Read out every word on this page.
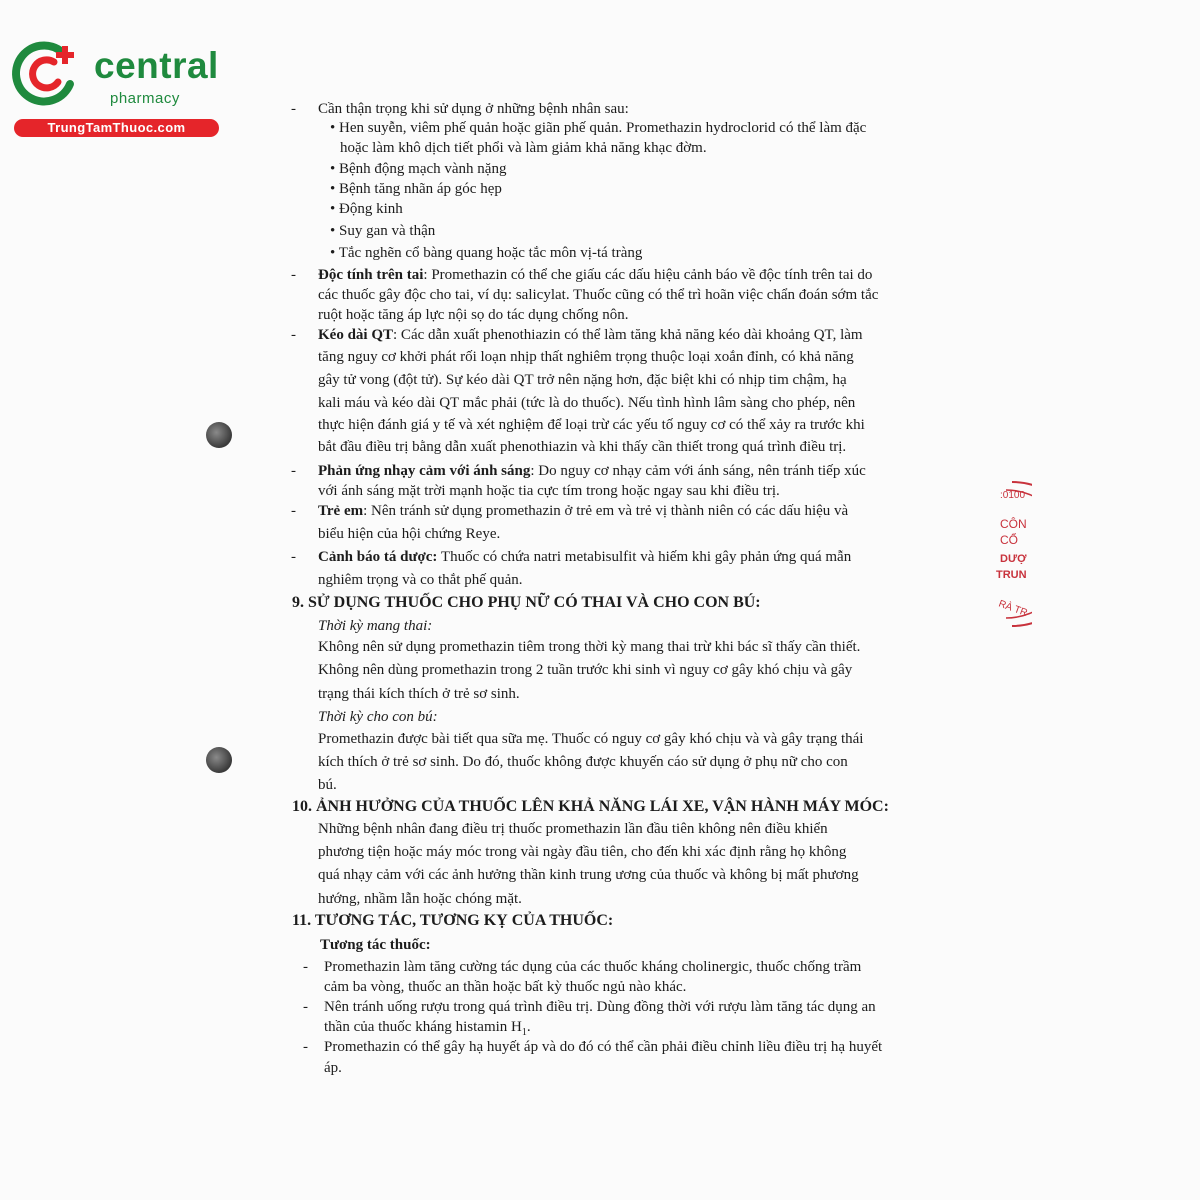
central
pharmacy
TrungTamThuoc.com
:0100
CÔN
CỔ
DƯỢ
TRUN
RÀ TR
- Cần thận trọng khi sử dụng ở những bệnh nhân sau:
• Hen suyễn, viêm phế quản hoặc giãn phế quản. Promethazin hydroclorid có thể làm đặc
hoặc làm khô dịch tiết phổi và làm giảm khả năng khạc đờm.
• Bệnh động mạch vành nặng
• Bệnh tăng nhãn áp góc hẹp
• Động kinh
• Suy gan và thận
• Tắc nghẽn cổ bàng quang hoặc tắc môn vị-tá tràng
- Độc tính trên tai: Promethazin có thể che giấu các dấu hiệu cảnh báo về độc tính trên tai do
các thuốc gây độc cho tai, ví dụ: salicylat. Thuốc cũng có thể trì hoãn việc chẩn đoán sớm tắc
ruột hoặc tăng áp lực nội sọ do tác dụng chống nôn.
- Kéo dài QT: Các dẫn xuất phenothiazin có thể làm tăng khả năng kéo dài khoảng QT, làm
tăng nguy cơ khởi phát rối loạn nhịp thất nghiêm trọng thuộc loại xoắn đỉnh, có khả năng
gây tử vong (đột tử). Sự kéo dài QT trở nên nặng hơn, đặc biệt khi có nhịp tim chậm, hạ
kali máu và kéo dài QT mắc phải (tức là do thuốc). Nếu tình hình lâm sàng cho phép, nên
thực hiện đánh giá y tế và xét nghiệm để loại trừ các yếu tố nguy cơ có thể xảy ra trước khi
bắt đầu điều trị bằng dẫn xuất phenothiazin và khi thấy cần thiết trong quá trình điều trị.
- Phản ứng nhạy cảm với ánh sáng: Do nguy cơ nhạy cảm với ánh sáng, nên tránh tiếp xúc
với ánh sáng mặt trời mạnh hoặc tia cực tím trong hoặc ngay sau khi điều trị.
- Trẻ em: Nên tránh sử dụng promethazin ở trẻ em và trẻ vị thành niên có các dấu hiệu và
biểu hiện của hội chứng Reye.
- Cảnh báo tá dược: Thuốc có chứa natri metabisulfit và hiếm khi gây phản ứng quá mẫn
nghiêm trọng và co thắt phế quản.
9. SỬ DỤNG THUỐC CHO PHỤ NỮ CÓ THAI VÀ CHO CON BÚ:
Thời kỳ mang thai:
Không nên sử dụng promethazin tiêm trong thời kỳ mang thai trừ khi bác sĩ thấy cần thiết.
Không nên dùng promethazin trong 2 tuần trước khi sinh vì nguy cơ gây khó chịu và gây
trạng thái kích thích ở trẻ sơ sinh.
Thời kỳ cho con bú:
Promethazin được bài tiết qua sữa mẹ. Thuốc có nguy cơ gây khó chịu và và gây trạng thái
kích thích ở trẻ sơ sinh. Do đó, thuốc không được khuyến cáo sử dụng ở phụ nữ cho con
bú.
10. ẢNH HƯỞNG CỦA THUỐC LÊN KHẢ NĂNG LÁI XE, VẬN HÀNH MÁY MÓC:
Những bệnh nhân đang điều trị thuốc promethazin lần đầu tiên không nên điều khiển
phương tiện hoặc máy móc trong vài ngày đầu tiên, cho đến khi xác định rằng họ không
quá nhạy cảm với các ảnh hưởng thần kinh trung ương của thuốc và không bị mất phương
hướng, nhầm lẫn hoặc chóng mặt.
11. TƯƠNG TÁC, TƯƠNG KỴ CỦA THUỐC:
Tương tác thuốc:
- Promethazin làm tăng cường tác dụng của các thuốc kháng cholinergic, thuốc chống trầm
cảm ba vòng, thuốc an thần hoặc bất kỳ thuốc ngủ nào khác.
- Nên tránh uống rượu trong quá trình điều trị. Dùng đồng thời với rượu làm tăng tác dụng an
thần của thuốc kháng histamin $H_1$.
- Promethazin có thể gây hạ huyết áp và do đó có thể cần phải điều chỉnh liều điều trị hạ huyết
áp.
